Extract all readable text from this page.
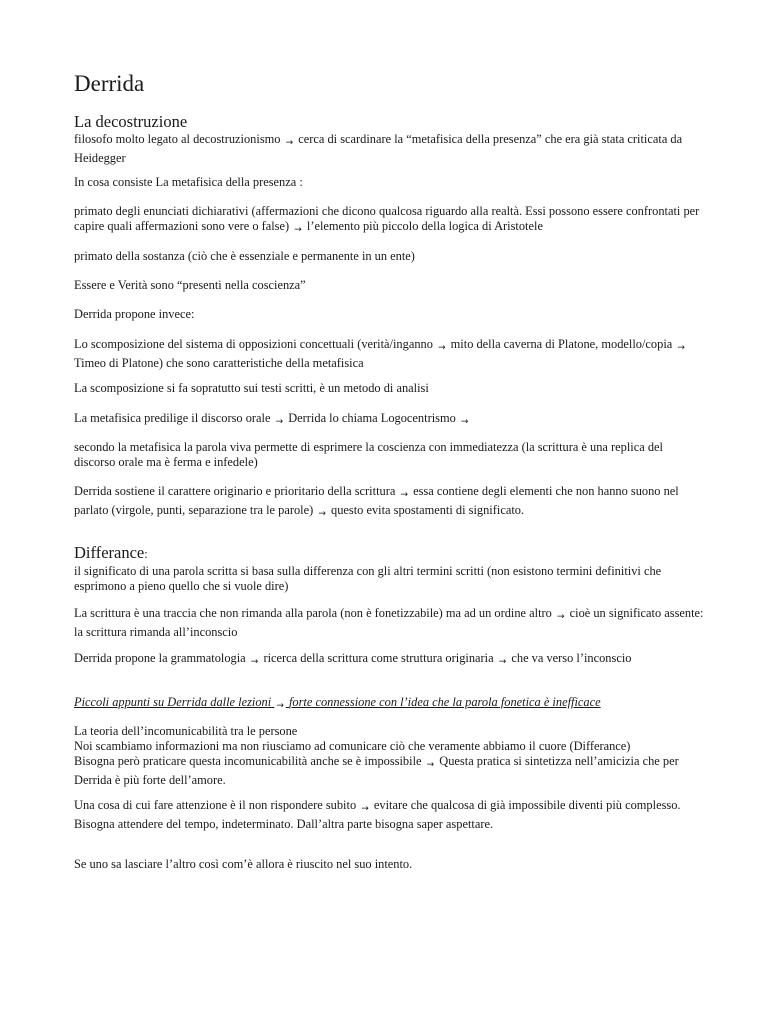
Derrida
La decostruzione

filosofo molto legato al decostruzionismo → cerca di scardinare la “metafisica della presenza” che era già stata criticata da Heidegger

In cosa consiste La metafisica della presenza :

primato degli enunciati dichiarativi (affermazioni che dicono qualcosa riguardo alla realtà. Essi possono essere confrontati per capire quali affermazioni sono vere o false) → l’elemento più piccolo della logica di Aristotele

primato della sostanza (ciò che è essenziale e permanente in un ente)

Essere e Verità sono “presenti nella coscienza”

Derrida propone invece:

Lo scomposizione del sistema di opposizioni concettuali (verità/inganno → mito della caverna di Platone, modello/copia → Timeo di Platone) che sono caratteristiche della metafisica

La scomposizione si fa sopratutto sui testi scritti, è un metodo di analisi

La metafisica predilige il discorso orale → Derrida lo chiama Logocentrismo →

secondo la metafisica la parola viva permette di esprimere la coscienza con immediatezza (la scrittura è una replica del discorso orale ma è ferma e infedele)

Derrida sostiene il carattere originario e prioritario della scrittura → essa contiene degli elementi che non hanno suono nel parlato (virgole, punti, separazione tra le parole) → questo evita spostamenti di significato.

Differance:

il significato di una parola scritta si basa sulla differenza con gli altri termini scritti (non esistono termini definitivi che esprimono a pieno quello che si vuole dire)

La scrittura è una traccia che non rimanda alla parola (non è fonetizzabile) ma ad un ordine altro → cioè un significato assente: la scrittura rimanda all’inconscio

Derrida propone la grammatologia → ricerca della scrittura come struttura originaria → che va verso l’inconscio

Piccoli appunti su Derrida dalle lezioni → forte connessione con l’idea che la parola fonetica è inefficace

La teoria dell’incomunicabilità tra le persone

Noi scambiamo informazioni ma non riusciamo ad comunicare ciò che veramente abbiamo il cuore (Differance)

Bisogna però praticare questa incomunicabilità anche se è impossibile → Questa pratica si sintetizza nell’amicizia che per Derrida è più forte dell’amore.

Una cosa di cui fare attenzione è il non rispondere subito → evitare che qualcosa di già impossibile diventi più complesso.

Bisogna attendere del tempo, indeterminato. Dall’altra parte bisogna saper aspettare.

Se uno sa lasciare l’altro così com’è allora è riuscito nel suo intento.
